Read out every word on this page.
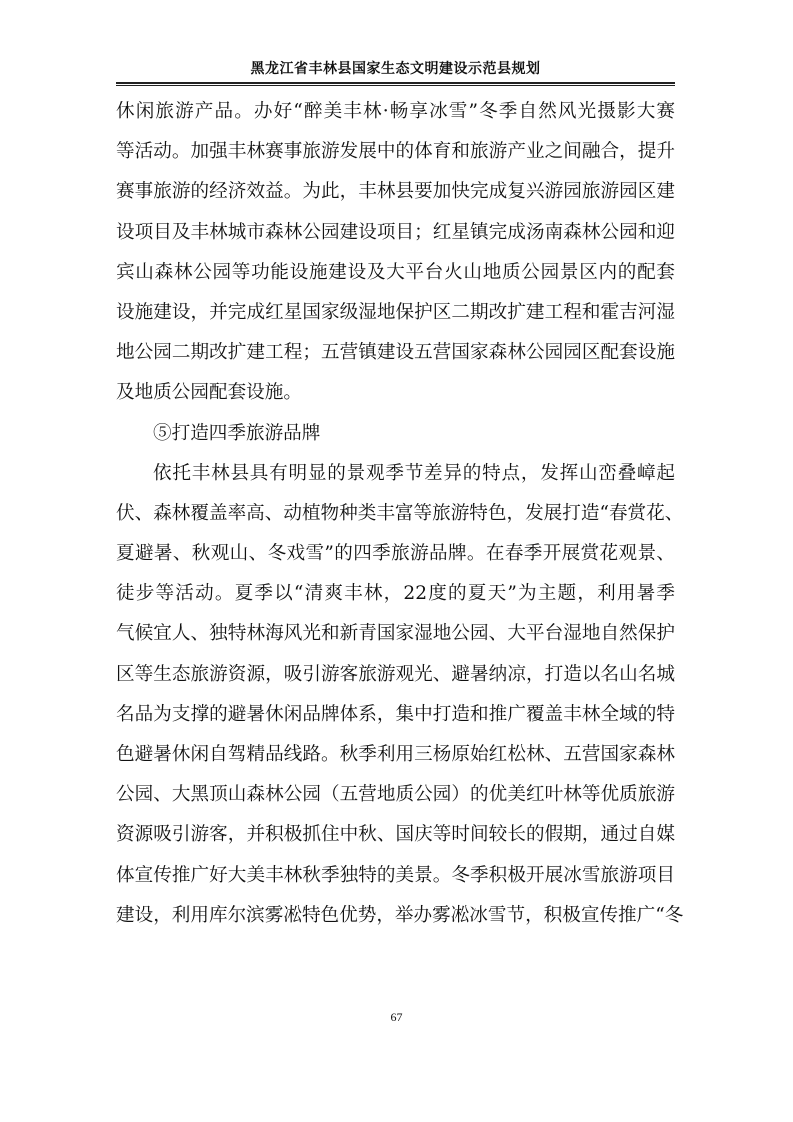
黑龙江省丰林县国家生态文明建设示范县规划
休闲旅游产品。办好“醉美丰林·畅享冰雪”冬季自然风光摄影大赛
等活动。加强丰林赛事旅游发展中的体育和旅游产业之间融合，提升
赛事旅游的经济效益。为此，丰林县要加快完成复兴游园旅游园区建
设项目及丰林城市森林公园建设项目；红星镇完成汤南森林公园和迎
宾山森林公园等功能设施建设及大平台火山地质公园景区内的配套
设施建设，并完成红星国家级湿地保护区二期改扩建工程和霍吉河湿
地公园二期改扩建工程；五营镇建设五营国家森林公园园区配套设施
及地质公园配套设施。
⑤打造四季旅游品牌
依托丰林县具有明显的景观季节差异的特点，发挥山峦叠嶂起
伏、森林覆盖率高、动植物种类丰富等旅游特色，发展打造“春赏花、
夏避暑、秋观山、冬戏雪”的四季旅游品牌。在春季开展赏花观景、
徒步等活动。夏季以“清爽丰林，22度的夏天”为主题，利用暑季
气候宜人、独特林海风光和新青国家湿地公园、大平台湿地自然保护
区等生态旅游资源，吸引游客旅游观光、避暑纳凉，打造以名山名城
名品为支撑的避暑休闲品牌体系，集中打造和推广覆盖丰林全域的特
色避暑休闲自驾精品线路。秋季利用三杨原始红松林、五营国家森林
公园、大黑顶山森林公园（五营地质公园）的优美红叶林等优质旅游
资源吸引游客，并积极抓住中秋、国庆等时间较长的假期，通过自媒
体宣传推广好大美丰林秋季独特的美景。冬季积极开展冰雪旅游项目
建设，利用库尔滨雾凇特色优势，举办雾凇冰雪节，积极宣传推广“冬
67
